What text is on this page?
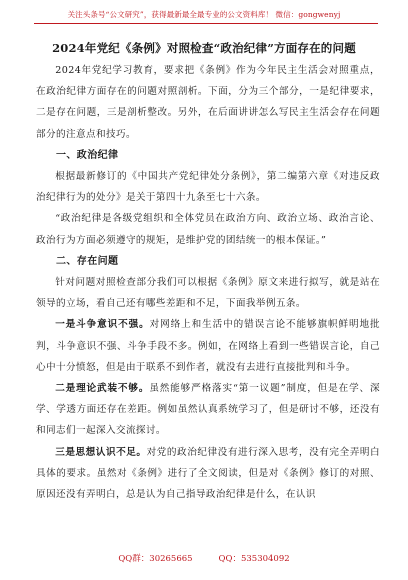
关注头条号“公文研究”，获得最新最全最专业的公文资料库！ 微信：gongwenyj
2024年党纪《条例》对照检查“政治纪律”方面存在的问题

2024年党纪学习教育，要求把《条例》作为今年民主生活会对照重点，在政治纪律方面存在的问题对照剖析。下面，分为三个部分，一是纪律要求，二是存在问题，三是剖析整改。另外，在后面讲讲怎么写民主生活会存在问题部分的注意点和技巧。

一、政治纪律

根据最新修订的《中国共产党纪律处分条例》，第二编第六章《对违反政治纪律行为的处分》是关于第四十九条至七十六条。

“政治纪律是各级党组织和全体党员在政治方向、政治立场、政治言论、政治行为方面必须遵守的规矩，是维护党的团结统一的根本保证。”

二、存在问题

针对问题对照检查部分我们可以根据《条例》原文来进行拟写，就是站在领导的立场，看自己还有哪些差距和不足，下面我举例五条。

一是斗争意识不强。对网络上和生活中的错误言论不能够旗帜鲜明地批判，斗争意识不强、斗争手段不多。例如，在网络上看到一些错误言论，自己心中十分愤怒，但是由于联系不到作者，就没有去进行直接批判和斗争。

二是理论武装不够。虽然能够严格落实“第一议题”制度，但是在学、深学、学透方面还存在差距。例如虽然认真系统学习了，但是研讨不够，还没有和同志们一起深入交流探讨。

三是思想认识不足。对党的政治纪律没有进行深入思考，没有完全弄明白具体的要求。虽然对《条例》进行了全文阅读，但是对《条例》修订的对照、原因还没有弄明白，总是认为自己指导政治纪律是什么，在认识

QQ群：30265665	QQ：535304092
